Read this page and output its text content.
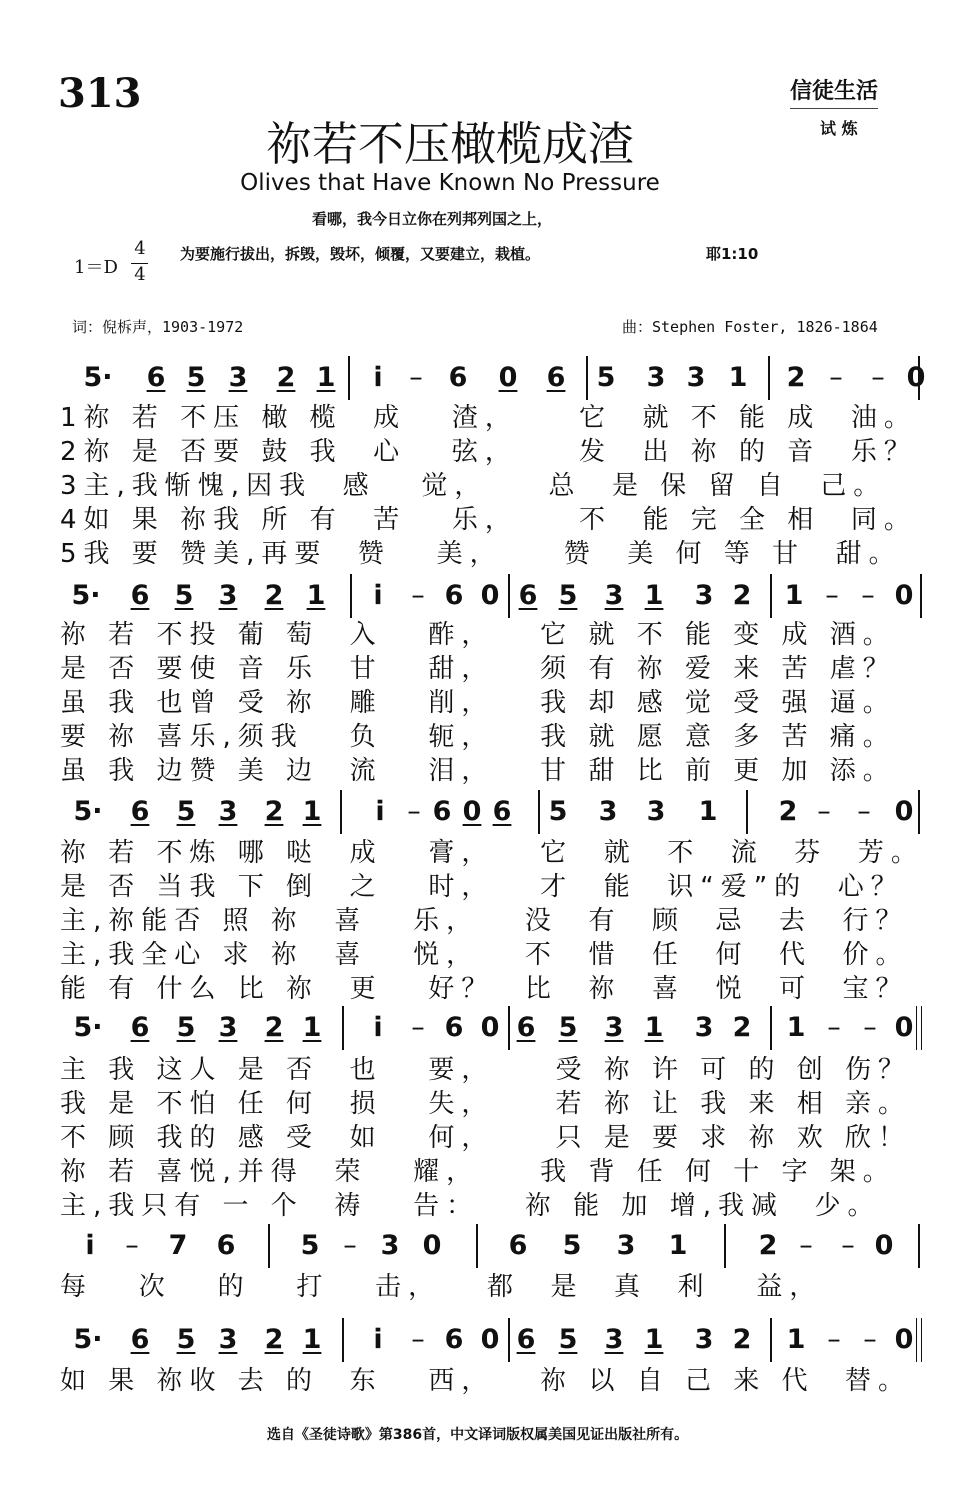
313	信徒生活
试 炼
祢若不压橄榄成渣
Olives that Have Known No Pressure
看哪，我今日立你在列邦列国之上，
为要施行拔出，拆毁，毁坏，倾覆，又要建立，栽植。	耶1:10
1＝D
4
4
词：倪柝声，1903-1972	曲：Stephen Foster, 1826-1864
5·	6 5 3	2 1	i̇ – 6	0	6	5	3 3 1	2 –	– 0
1祢 若 不压 橄 榄  成   渣，    它  就 不 能 成  油。
2祢 是 否要 鼓 我  心   弦，    发  出 祢 的 音  乐？
3主,我惭愧,因我  感   觉，    总  是 保 留 自  己。
4如 果 祢我 所 有  苦   乐，    不  能 完 全 相  同。
5我 要 赞美,再要  赞   美，    赞  美 何 等 甘  甜。
5·	6 5 3	2 1	i̇	– 6 0 6 5	3 1	3 2	1 – – 0
祢 若 不投 葡 萄  入   酢，   它 就 不 能 变 成 酒。
是 否 要使 音 乐  甘   甜，   须 有 祢 爱 来 苦 虐？
虽 我 也曾 受 祢  雕   削，   我 却 感 觉 受 强 逼。
要 祢 喜乐,须我   负   轭，   我 就 愿 意 多 苦 痛。
虽 我 边赞 美 边  流   泪，   甘 甜 比 前 更 加 添。
5·	6	5 3	2 1	i̇ – 6 0 6	5	3	3	1	2 – – 0
祢 若 不炼 哪 哒  成   膏，   它  就  不  流  芬  芳。
是 否 当我 下 倒  之   时，   才  能  识“爱”的  心？
主,祢能否 照 祢  喜   乐，   没  有  顾  忌  去  行？
主,我全心 求 祢  喜   悦，   不  惜  任  何  代  价。
能 有 什么 比 祢  更   好？  比  祢  喜  悦  可  宝？
5·	6	5 3	2 1	i̇	– 6 0 6 5	3 1	3 2	1 – – 0
主 我 这人 是 否  也   要，    受 祢 许 可 的 创 伤？
我 是 不怕 任 何  损   失，    若 祢 让 我 来 相 亲。
不 顾 我的 感 受  如   何，    只 是 要 求 祢 欢 欣！
祢 若 喜悦,并得  荣   耀，    我 背 任 何 十 字 架。
主,我只有 一 个  祷   告：   祢 能 加 增,我减  少。
i̇	–	7	6	5 – 3 0	6	5	3	1	2 –	– 0
每   次   的   打   击，   都  是  真  利   益，
5·	6	5 3	2 1	i̇	– 6 0 6 5	3 1	3 2	1 – – 0
如 果 祢收 去 的  东   西，   祢 以 自 己 来 代  替。
选自《圣徒诗歌》第386首，中文译词版权属美国见证出版社所有。
